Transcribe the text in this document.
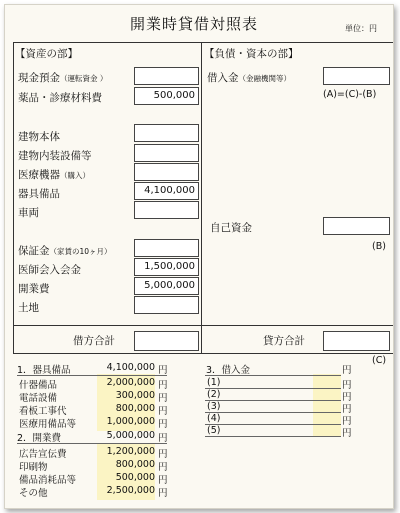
開業時貸借対照表	単位：円
【資産の部】
現金預金（運転資金 ）
薬品・診療材料費	500,000
建物本体
建物内装設備等
医療機器（購入）
器具備品	4,100,000
車両
保証金（家賃の10ヶ月）
医師会入会金	1,500,000
開業費	5,000,000
土地
借方合計
【負債・資本の部】
借入金（金融機関等）
(A)=(C)-(B)
自己資金
(B)
貸方合計
(C)
1．器具備品	4,100,000 円
什器備品	2,000,000 円
電話設備	300,000 円
看板工事代	800,000 円
医療用備品等	1,000,000 円
2．開業費	5,000,000 円
広告宣伝費	1,200,000 円
印刷物	800,000 円
備品消耗品等	500,000 円
その他	2,500,000 円
3．借入金	円
(1)	円
(2)	円
(3)	円
(4)	円
(5)	円
